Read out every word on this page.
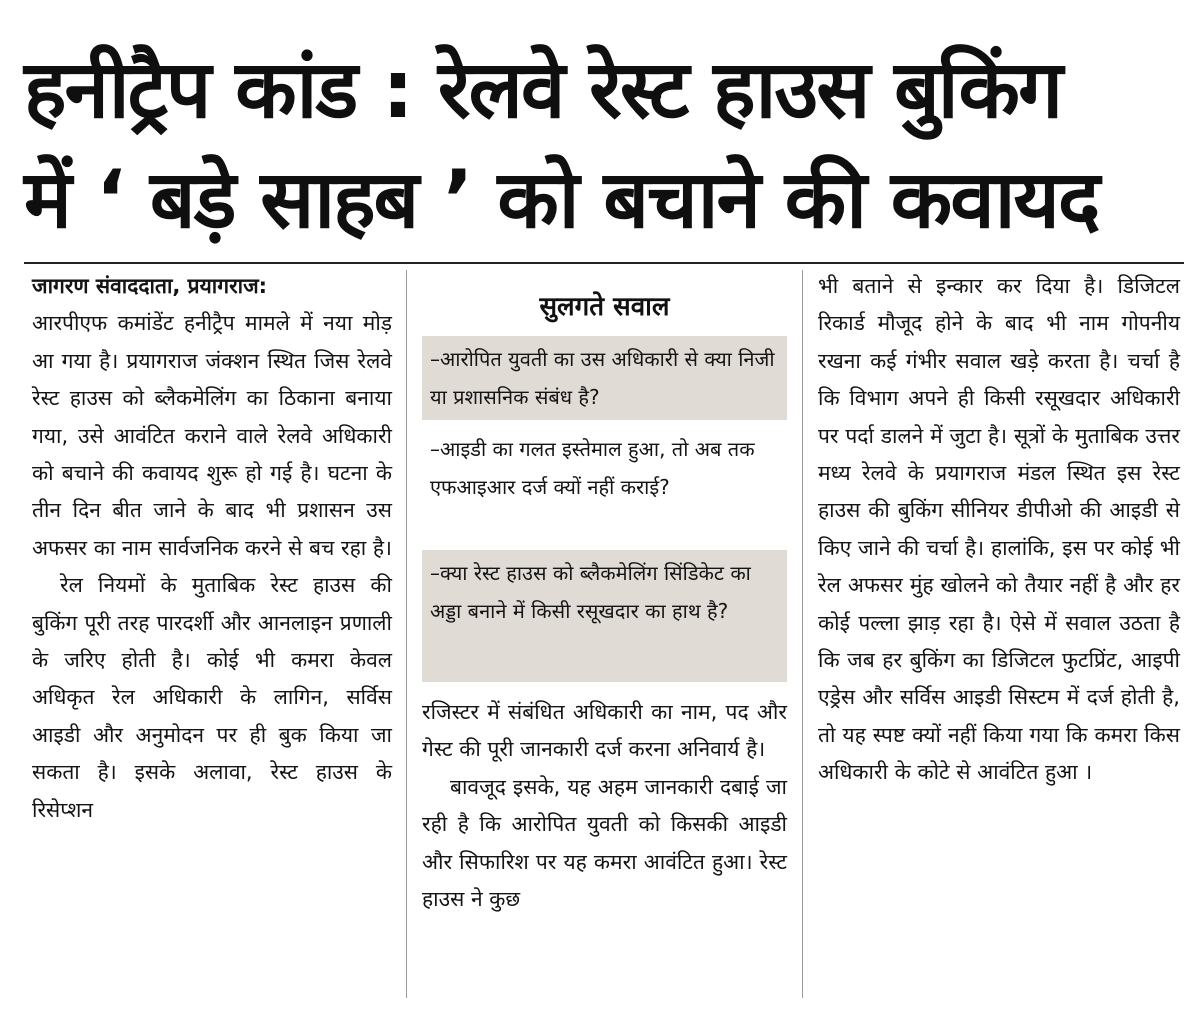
हनीट्रैप कांड : रेलवे रेस्ट हाउस बुकिंग
में ‘ बड़े साहब ’ को बचाने की कवायद

जागरण संवाददाता, प्रयागराज:

आरपीएफ कमांडेंट हनीट्रैप मामले में नया मोड़ आ गया है। प्रयागराज जंक्शन स्थित जिस रेलवे रेस्ट हाउस को ब्लैकमेलिंग का ठिकाना बनाया गया, उसे आवंटित कराने वाले रेलवे अधिकारी को बचाने की कवायद शुरू हो गई है। घटना के तीन दिन बीत जाने के बाद भी प्रशासन उस अफसर का नाम सार्वजनिक करने से बच रहा है।

रेल नियमों के मुताबिक रेस्ट हाउस की बुकिंग पूरी तरह पारदर्शी और आनलाइन प्रणाली के जरिए होती है। कोई भी कमरा केवल अधिकृत रेल अधिकारी के लागिन, सर्विस आइडी और अनुमोदन पर ही बुक किया जा सकता है। इसके अलावा, रेस्ट हाउस के रिसेप्शन

सुलगते सवाल
–आरोपित युवती का उस अधिकारी से क्या निजी या प्रशासनिक संबंध है?
–आइडी का गलत इस्तेमाल हुआ, तो अब तक एफआइआर दर्ज क्यों नहीं कराई?
–क्या रेस्ट हाउस को ब्लैकमेलिंग सिंडिकेट का अड्डा बनाने में किसी रसूखदार का हाथ है?

रजिस्टर में संबंधित अधिकारी का नाम, पद और गेस्ट की पूरी जानकारी दर्ज करना अनिवार्य है।

बावजूद इसके, यह अहम जानकारी दबाई जा रही है कि आरोपित युवती को किसकी आइडी और सिफारिश पर यह कमरा आवंटित हुआ। रेस्ट हाउस ने कुछ

भी बताने से इन्कार कर दिया है। डिजिटल रिकार्ड मौजूद होने के बाद भी नाम गोपनीय रखना कई गंभीर सवाल खड़े करता है। चर्चा है कि विभाग अपने ही किसी रसूखदार अधिकारी पर पर्दा डालने में जुटा है। सूत्रों के मुताबिक उत्तर मध्य रेलवे के प्रयागराज मंडल स्थित इस रेस्ट हाउस की बुकिंग सीनियर डीपीओ की आइडी से किए जाने की चर्चा है। हालांकि, इस पर कोई भी रेल अफसर मुंह खोलने को तैयार नहीं है और हर कोई पल्ला झाड़ रहा है। ऐसे में सवाल उठता है कि जब हर बुकिंग का डिजिटल फुटप्रिंट, आइपी एड्रेस और सर्विस आइडी सिस्टम में दर्ज होती है, तो यह स्पष्ट क्यों नहीं किया गया कि कमरा किस अधिकारी के कोटे से आवंटित हुआ ।
